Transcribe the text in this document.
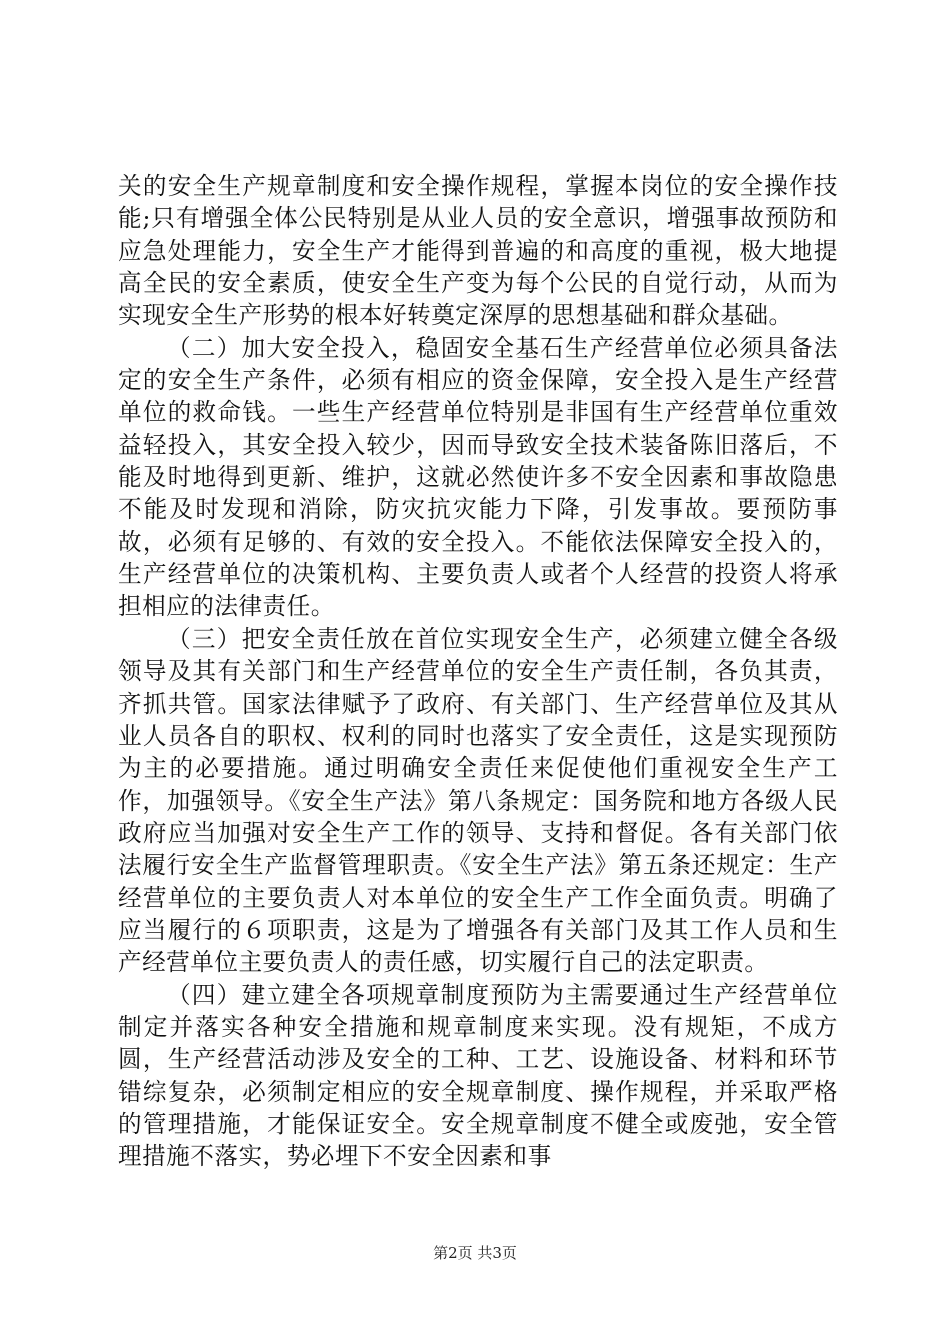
关的安全生产规章制度和安全操作规程，掌握本岗位的安全操作技能;只有增强全体公民特别是从业人员的安全意识，增强事故预防和应急处理能力，安全生产才能得到普遍的和高度的重视，极大地提高全民的安全素质，使安全生产变为每个公民的自觉行动，从而为实现安全生产形势的根本好转奠定深厚的思想基础和群众基础。

（二）加大安全投入，稳固安全基石生产经营单位必须具备法定的安全生产条件，必须有相应的资金保障，安全投入是生产经营单位的救命钱。一些生产经营单位特别是非国有生产经营单位重效益轻投入，其安全投入较少，因而导致安全技术装备陈旧落后，不能及时地得到更新、维护，这就必然使许多不安全因素和事故隐患不能及时发现和消除，防灾抗灾能力下降，引发事故。要预防事故，必须有足够的、有效的安全投入。不能依法保障安全投入的，生产经营单位的决策机构、主要负责人或者个人经营的投资人将承担相应的法律责任。

（三）把安全责任放在首位实现安全生产，必须建立健全各级领导及其有关部门和生产经营单位的安全生产责任制，各负其责，齐抓共管。国家法律赋予了政府、有关部门、生产经营单位及其从业人员各自的职权、权利的同时也落实了安全责任，这是实现预防为主的必要措施。通过明确安全责任来促使他们重视安全生产工作，加强领导。《安全生产法》第八条规定：国务院和地方各级人民政府应当加强对安全生产工作的领导、支持和督促。各有关部门依法履行安全生产监督管理职责。《安全生产法》第五条还规定：生产经营单位的主要负责人对本单位的安全生产工作全面负责。明确了应当履行的６项职责，这是为了增强各有关部门及其工作人员和生产经营单位主要负责人的责任感，切实履行自己的法定职责。

（四）建立建全各项规章制度预防为主需要通过生产经营单位制定并落实各种安全措施和规章制度来实现。没有规矩，不成方圆，生产经营活动涉及安全的工种、工艺、设施设备、材料和环节错综复杂，必须制定相应的安全规章制度、操作规程，并采取严格的管理措施，才能保证安全。安全规章制度不健全或废弛，安全管理措施不落实，势必埋下不安全因素和事

第2页 共3页
